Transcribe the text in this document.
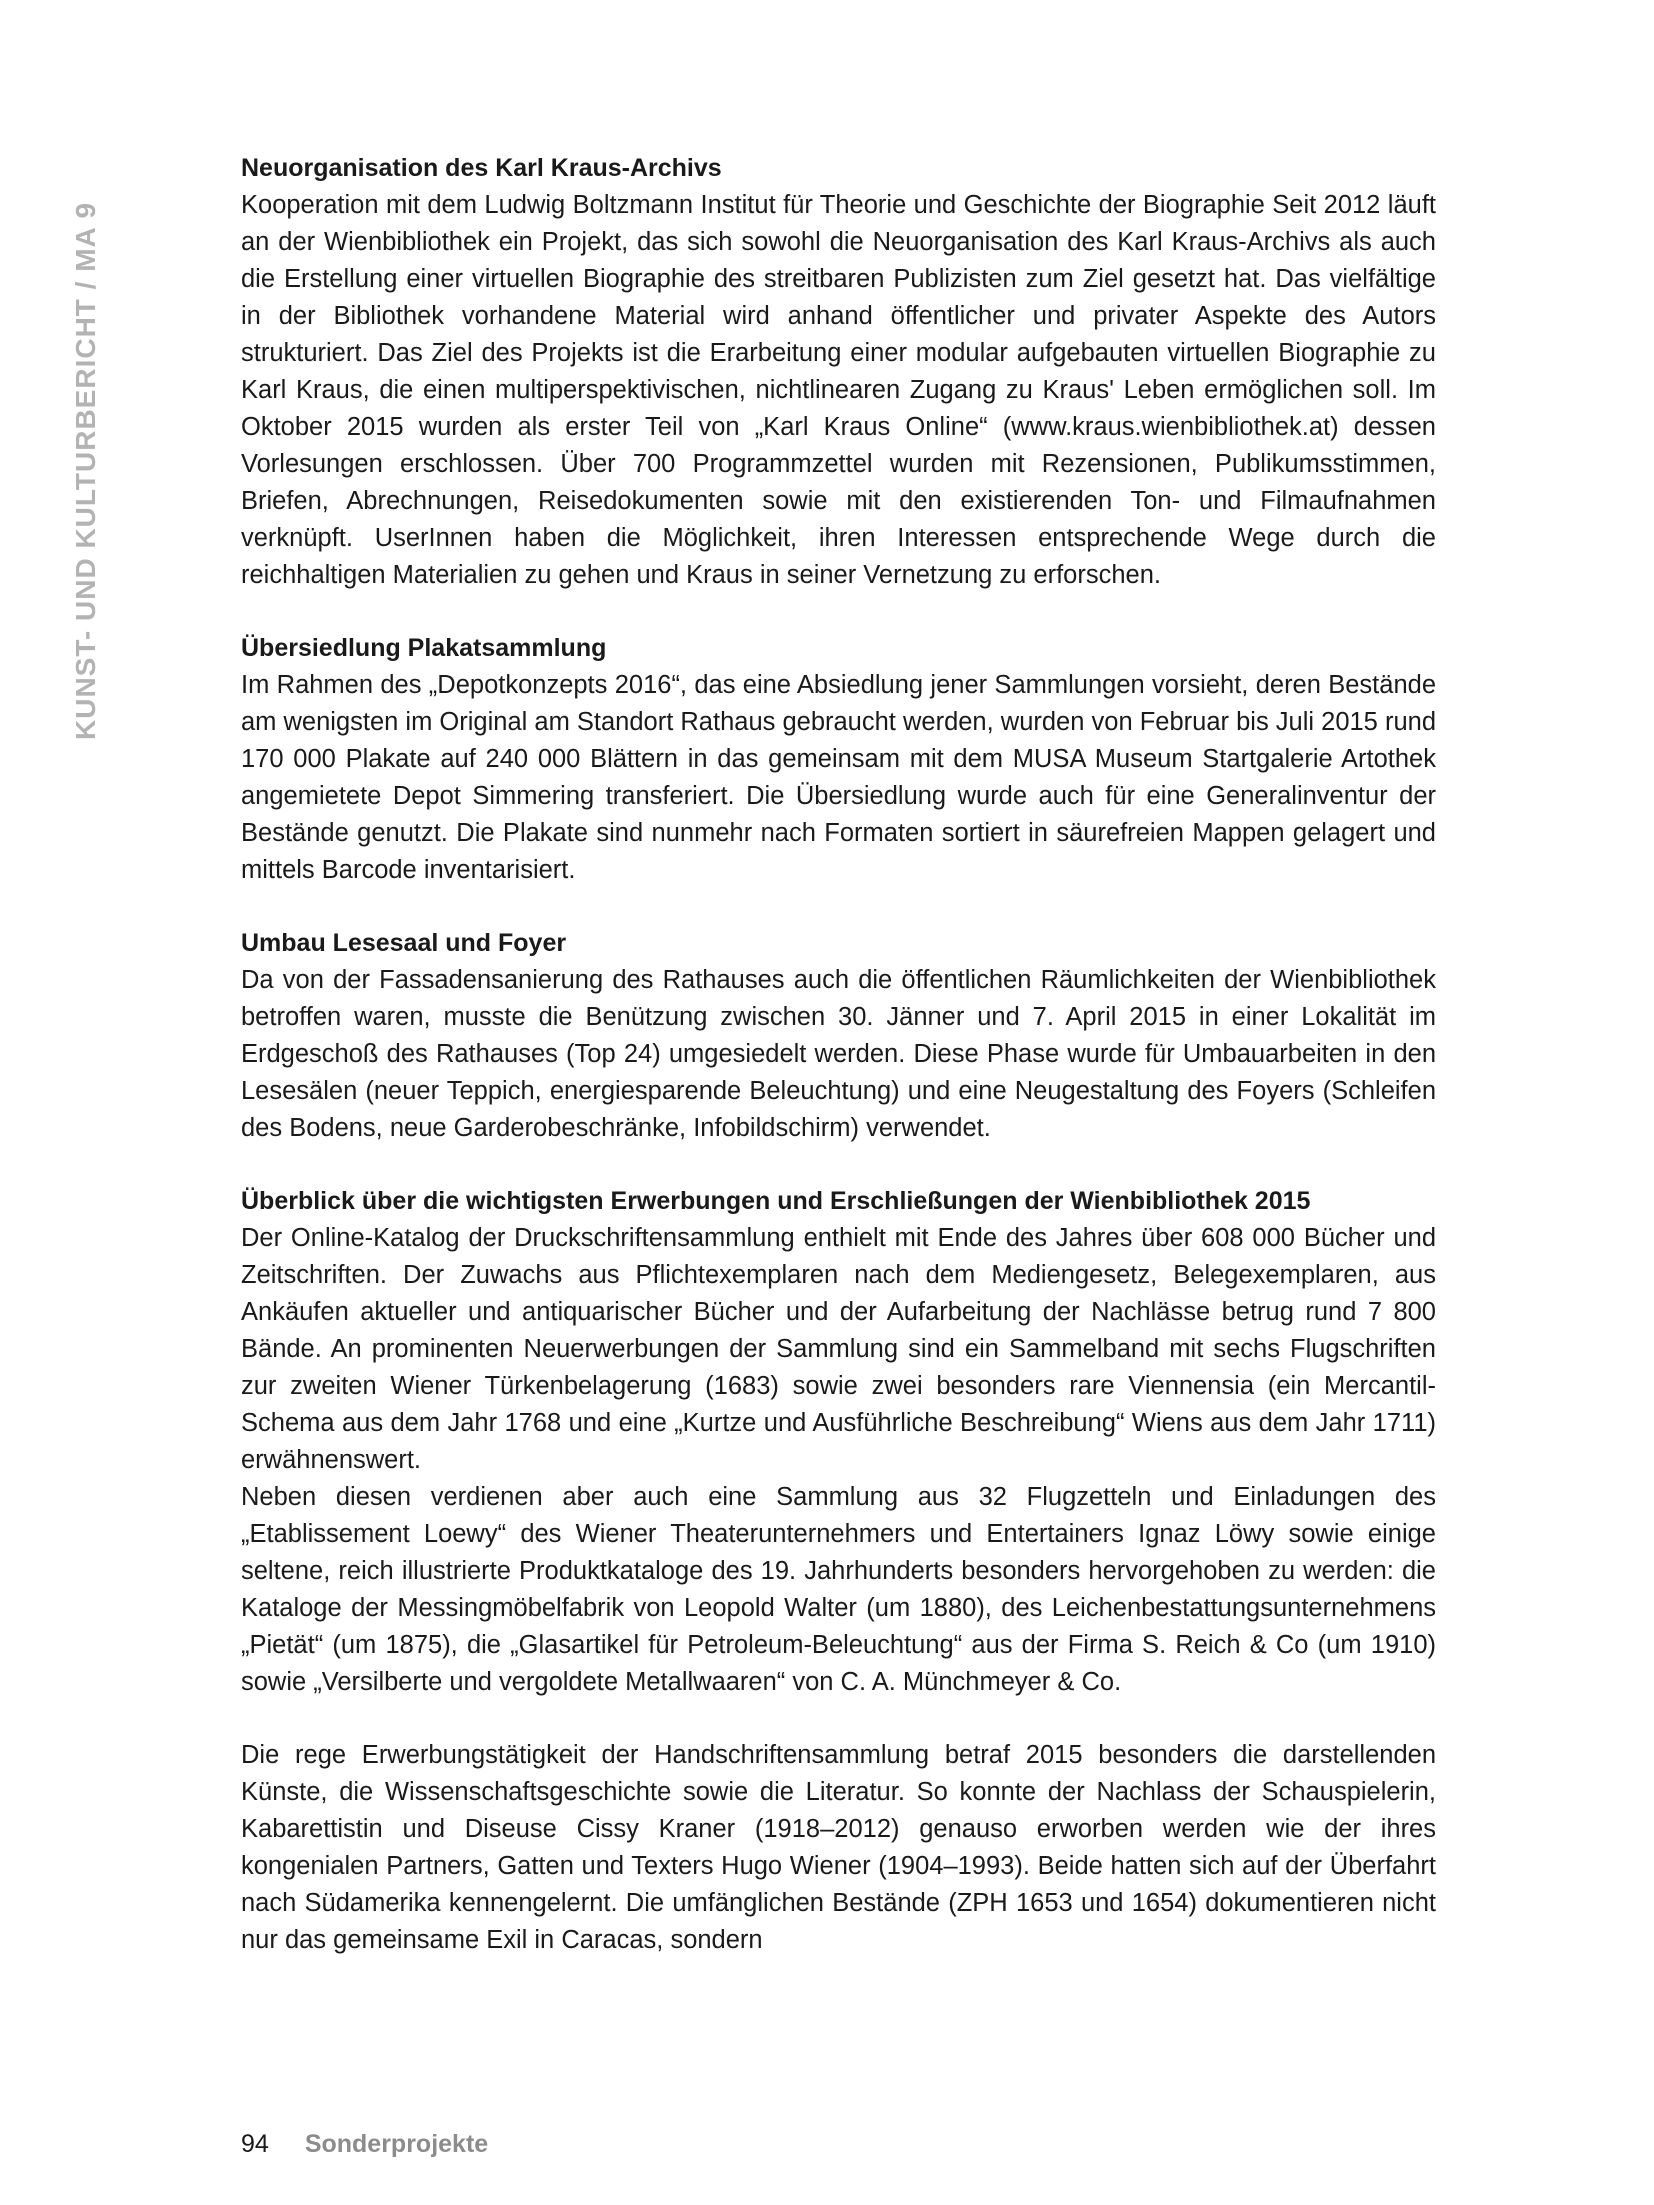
KUNST- UND KULTURBERICHT / MA 9
Neuorganisation des Karl Kraus-Archivs

Kooperation mit dem Ludwig Boltzmann Institut für Theorie und Geschichte der Biographie Seit 2012 läuft an der Wienbibliothek ein Projekt, das sich sowohl die Neuorganisation des Karl Kraus-Archivs als auch die Erstellung einer virtuellen Biographie des streitbaren Publizisten zum Ziel gesetzt hat. Das vielfältige in der Bibliothek vorhandene Material wird anhand öffentlicher und privater Aspekte des Autors strukturiert. Das Ziel des Projekts ist die Erarbeitung einer modular aufgebauten virtuellen Biographie zu Karl Kraus, die einen multiperspektivischen, nichtlinearen Zugang zu Kraus' Leben ermöglichen soll. Im Oktober 2015 wurden als erster Teil von „Karl Kraus Online“ (www.kraus.wienbibliothek.at) dessen Vorlesungen erschlossen. Über 700 Programmzettel wurden mit Rezensionen, Publikumsstimmen, Briefen, Abrechnungen, Reisedokumenten sowie mit den existierenden Ton- und Filmaufnahmen verknüpft. UserInnen haben die Möglichkeit, ihren Interessen entsprechende Wege durch die reichhaltigen Materialien zu gehen und Kraus in seiner Vernetzung zu erforschen.

Übersiedlung Plakatsammlung

Im Rahmen des „Depotkonzepts 2016“, das eine Absiedlung jener Sammlungen vorsieht, deren Bestände am wenigsten im Original am Standort Rathaus gebraucht werden, wurden von Februar bis Juli 2015 rund 170 000 Plakate auf 240 000 Blättern in das gemeinsam mit dem MUSA Museum Startgalerie Artothek angemietete Depot Simmering transferiert. Die Übersiedlung wurde auch für eine Generalinventur der Bestände genutzt. Die Plakate sind nunmehr nach Formaten sortiert in säurefreien Mappen gelagert und mittels Barcode inventarisiert.

Umbau Lesesaal und Foyer

Da von der Fassadensanierung des Rathauses auch die öffentlichen Räumlichkeiten der Wienbibliothek betroffen waren, musste die Benützung zwischen 30. Jänner und 7. April 2015 in einer Lokalität im Erdgeschoß des Rathauses (Top 24) umgesiedelt werden. Diese Phase wurde für Umbauarbeiten in den Lesesälen (neuer Teppich, energiesparende Beleuchtung) und eine Neugestaltung des Foyers (Schleifen des Bodens, neue Garderobeschränke, Infobildschirm) verwendet.

Überblick über die wichtigsten Erwerbungen und Erschließungen der Wienbibliothek 2015

Der Online-Katalog der Druckschriftensammlung enthielt mit Ende des Jahres über 608 000 Bücher und Zeitschriften. Der Zuwachs aus Pflichtexemplaren nach dem Mediengesetz, Belegexemplaren, aus Ankäufen aktueller und antiquarischer Bücher und der Aufarbeitung der Nachlässe betrug rund 7 800 Bände. An prominenten Neuerwerbungen der Sammlung sind ein Sammelband mit sechs Flugschriften zur zweiten Wiener Türkenbelagerung (1683) sowie zwei besonders rare Viennensia (ein Mercantil-Schema aus dem Jahr 1768 und eine „Kurtze und Ausführliche Beschreibung“ Wiens aus dem Jahr 1711) erwähnenswert.

Neben diesen verdienen aber auch eine Sammlung aus 32 Flugzetteln und Einladungen des „Etablissement Loewy“ des Wiener Theaterunternehmers und Entertainers Ignaz Löwy sowie einige seltene, reich illustrierte Produktkataloge des 19. Jahrhunderts besonders hervorgehoben zu werden: die Kataloge der Messingmöbelfabrik von Leopold Walter (um 1880), des Leichenbestattungsunternehmens „Pietät“ (um 1875), die „Glasartikel für Petroleum-Beleuchtung“ aus der Firma S. Reich & Co (um 1910) sowie „Versilberte und vergoldete Metallwaaren“ von C. A. Münchmeyer & Co.

Die rege Erwerbungstätigkeit der Handschriftensammlung betraf 2015 besonders die darstellenden Künste, die Wissenschaftsgeschichte sowie die Literatur. So konnte der Nachlass der Schauspielerin, Kabarettistin und Diseuse Cissy Kraner (1918–2012) genauso erworben werden wie der ihres kongenialen Partners, Gatten und Texters Hugo Wiener (1904–1993). Beide hatten sich auf der Überfahrt nach Südamerika kennengelernt. Die umfänglichen Bestände (ZPH 1653 und 1654) dokumentieren nicht nur das gemeinsame Exil in Caracas, sondern

94 Sonderprojekte
